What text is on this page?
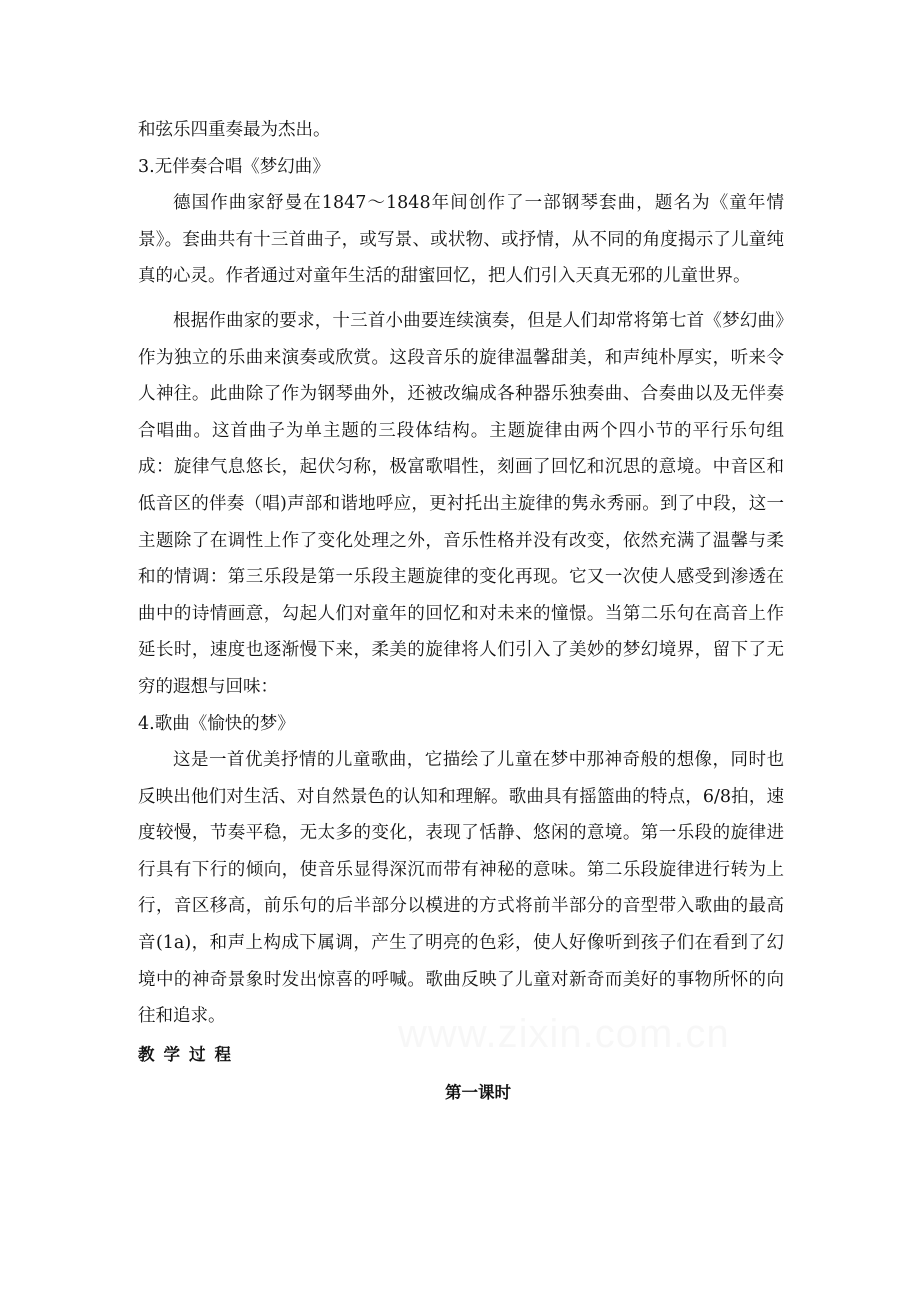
和弦乐四重奏最为杰出。

3.无伴奏合唱《梦幻曲》

德国作曲家舒曼在1847～1848年间创作了一部钢琴套曲，题名为《童年情景》。套曲共有十三首曲子，或写景、或状物、或抒情，从不同的角度揭示了儿童纯真的心灵。作者通过对童年生活的甜蜜回忆，把人们引入天真无邪的儿童世界。

根据作曲家的要求，十三首小曲要连续演奏，但是人们却常将第七首《梦幻曲》作为独立的乐曲来演奏或欣赏。这段音乐的旋律温馨甜美，和声纯朴厚实，听来令人神往。此曲除了作为钢琴曲外，还被改编成各种器乐独奏曲、合奏曲以及无伴奏合唱曲。这首曲子为单主题的三段体结构。主题旋律由两个四小节的平行乐句组成：旋律气息悠长，起伏匀称，极富歌唱性，刻画了回忆和沉思的意境。中音区和低音区的伴奏（唱)声部和谐地呼应，更衬托出主旋律的隽永秀丽。到了中段，这一主题除了在调性上作了变化处理之外，音乐性格并没有改变，依然充满了温馨与柔和的情调：第三乐段是第一乐段主题旋律的变化再现。它又一次使人感受到渗透在曲中的诗情画意，勾起人们对童年的回忆和对未来的憧憬。当第二乐句在高音上作延长时，速度也逐渐慢下来，柔美的旋律将人们引入了美妙的梦幻境界，留下了无穷的遐想与回味：

4.歌曲《愉快的梦》

这是一首优美抒情的儿童歌曲，它描绘了儿童在梦中那神奇般的想像，同时也反映出他们对生活、对自然景色的认知和理解。歌曲具有摇篮曲的特点，6/8拍，速度较慢，节奏平稳，无太多的变化，表现了恬静、悠闲的意境。第一乐段的旋律进行具有下行的倾向，使音乐显得深沉而带有神秘的意味。第二乐段旋律进行转为上行，音区移高，前乐句的后半部分以模进的方式将前半部分的音型带入歌曲的最高音(1a)，和声上构成下属调，产生了明亮的色彩，使人好像听到孩子们在看到了幻境中的神奇景象时发出惊喜的呼喊。歌曲反映了儿童对新奇而美好的事物所怀的向往和追求。

教学过程

第一课时

www.zixin.com.cn
